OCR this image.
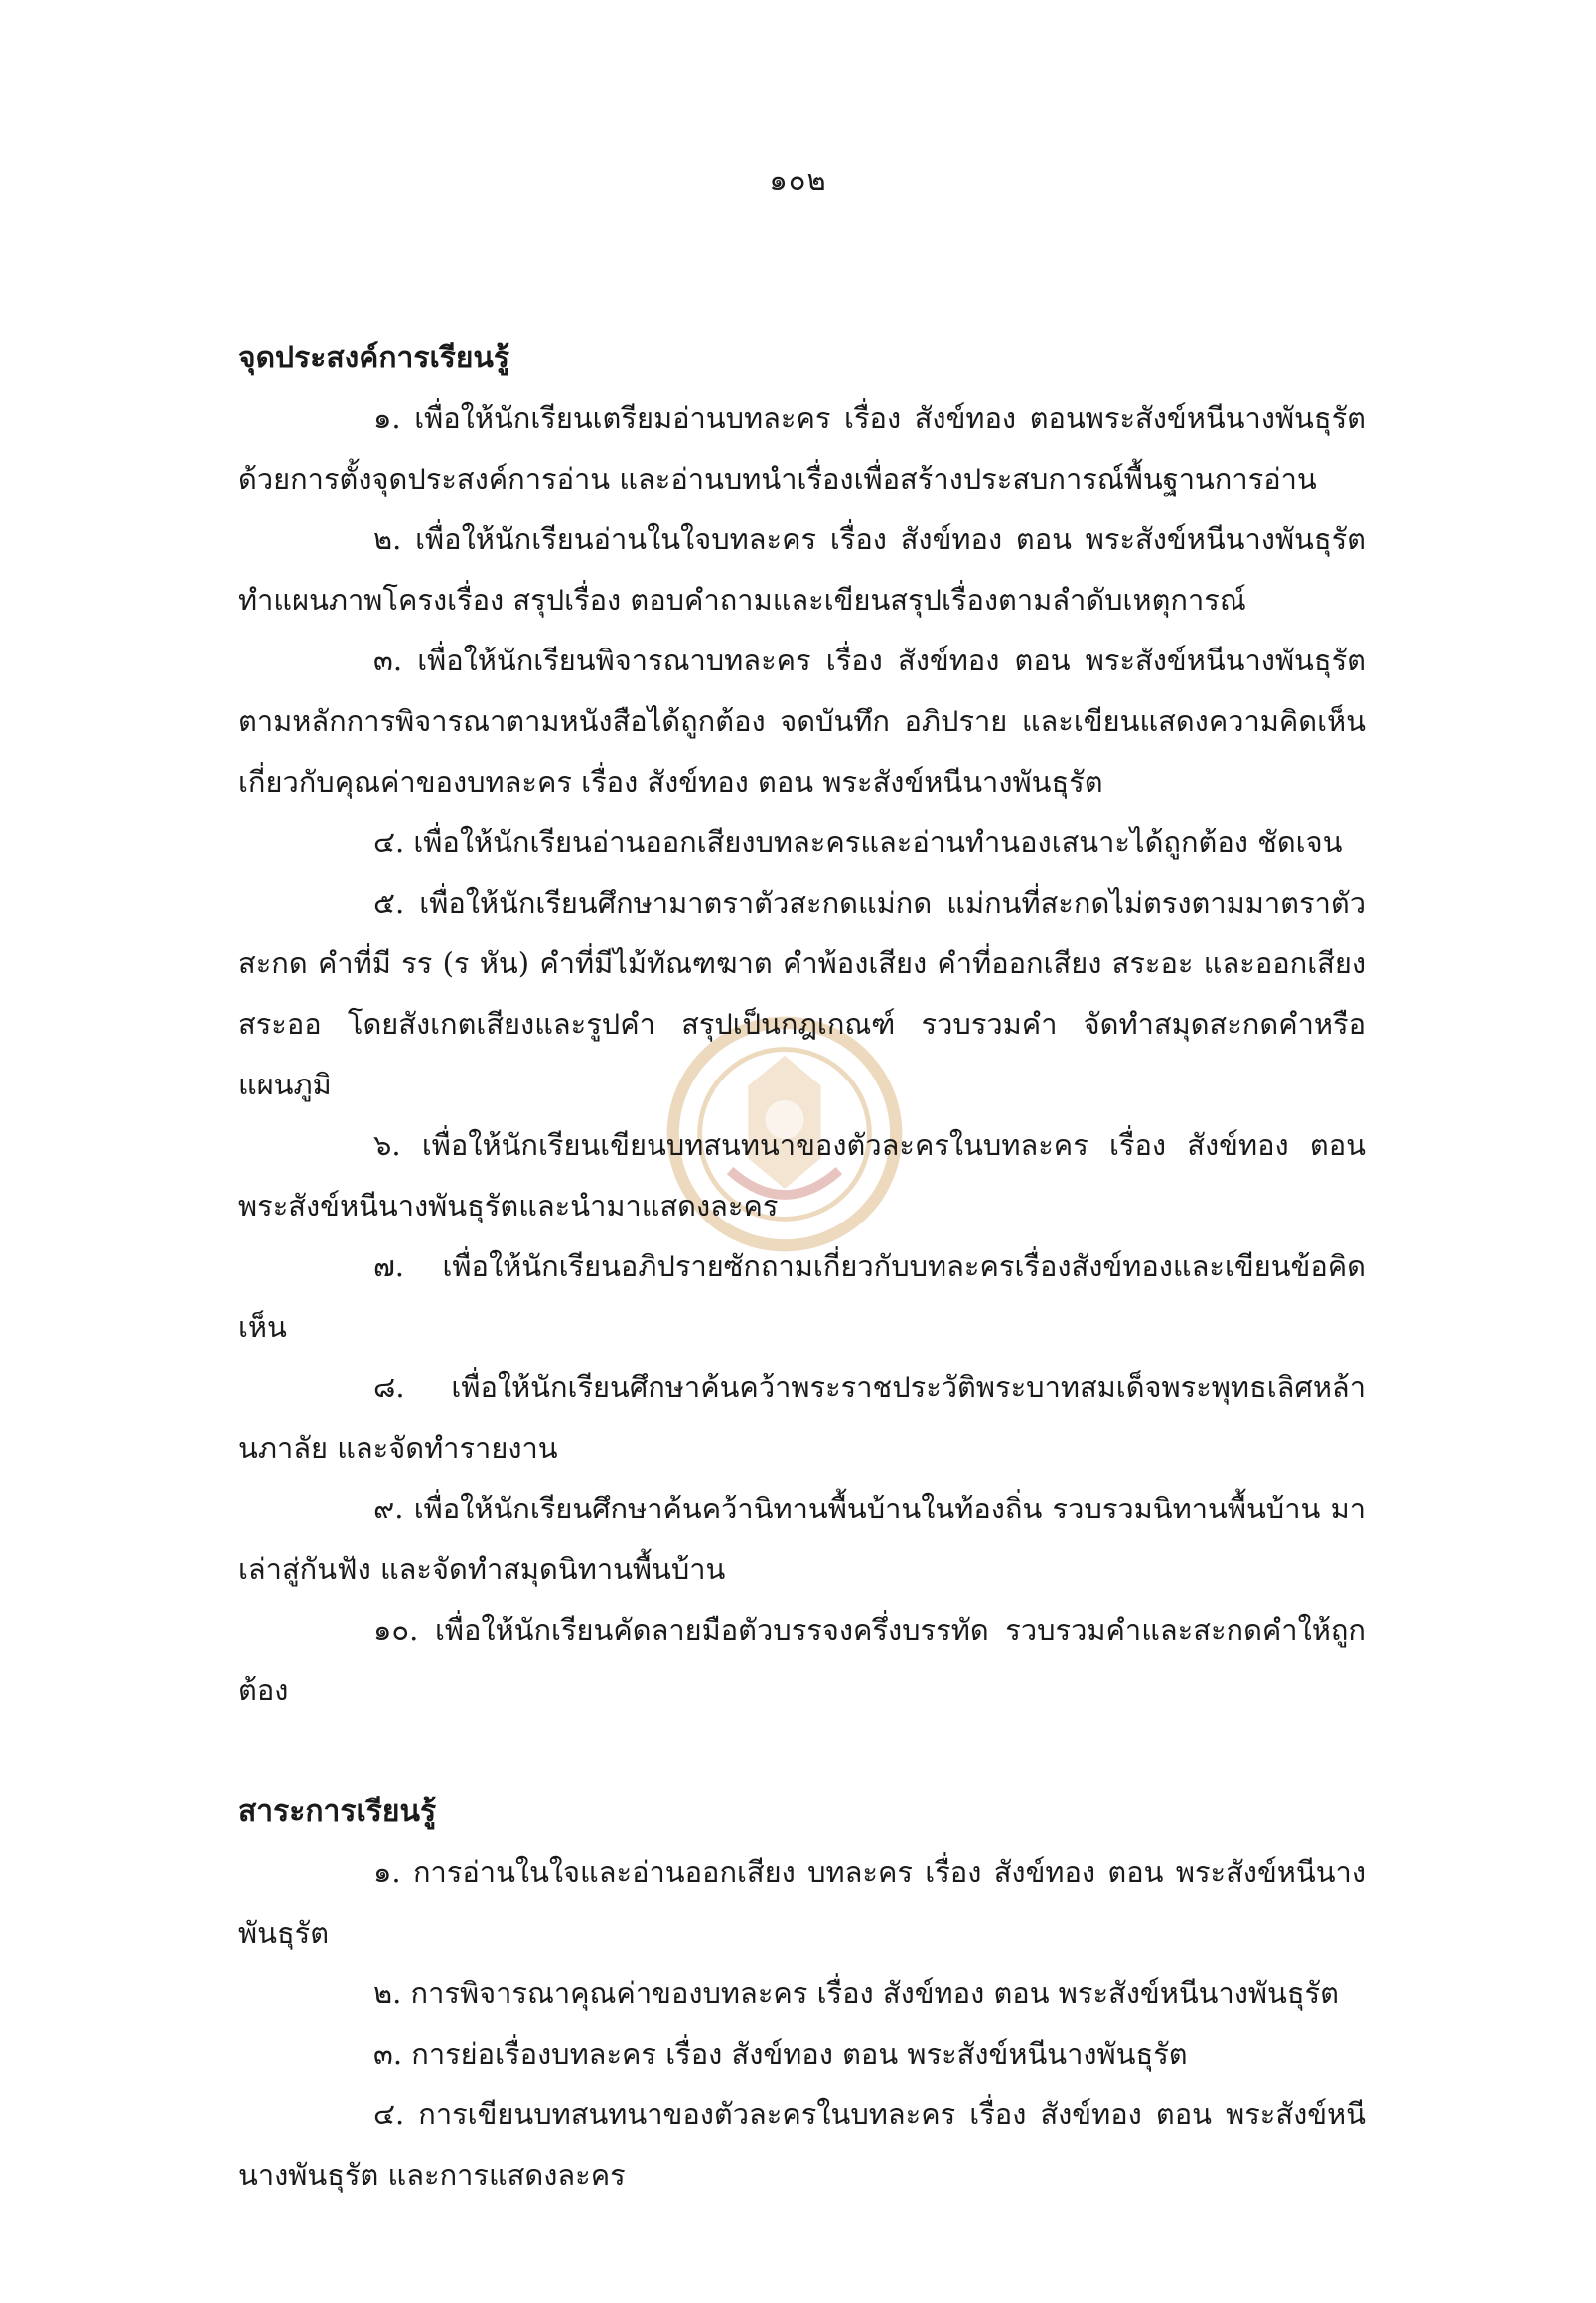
๑๐๒

จุดประสงค์การเรียนรู้

๑. เพื่อให้นักเรียนเตรียมอ่านบทละคร เรื่อง สังข์ทอง ตอนพระสังข์หนีนางพันธุรัต ด้วยการตั้งจุดประสงค์การอ่าน และอ่านบทนำเรื่องเพื่อสร้างประสบการณ์พื้นฐานการอ่าน

๒. เพื่อให้นักเรียนอ่านในใจบทละคร เรื่อง สังข์ทอง ตอน พระสังข์หนีนางพันธุรัต ทำแผนภาพโครงเรื่อง สรุปเรื่อง ตอบคำถามและเขียนสรุปเรื่องตามลำดับเหตุการณ์

๓. เพื่อให้นักเรียนพิจารณาบทละคร เรื่อง สังข์ทอง ตอน พระสังข์หนีนางพันธุรัต ตามหลักการพิจารณาตามหนังสือได้ถูกต้อง จดบันทึก อภิปราย และเขียนแสดงความคิดเห็นเกี่ยวกับคุณค่าของบทละคร เรื่อง สังข์ทอง ตอน พระสังข์หนีนางพันธุรัต

๔. เพื่อให้นักเรียนอ่านออกเสียงบทละครและอ่านทำนองเสนาะได้ถูกต้อง ชัดเจน

๕. เพื่อให้นักเรียนศึกษามาตราตัวสะกดแม่กด แม่กนที่สะกดไม่ตรงตามมาตราตัวสะกด คำที่มี รร (ร หัน) คำที่มีไม้ทัณฑฆาต คำพ้องเสียง คำที่ออกเสียง สระอะ และออกเสียง สระออ โดยสังเกตเสียงและรูปคำ สรุปเป็นกฎเกณฑ์ รวบรวมคำ จัดทำสมุดสะกดคำหรือแผนภูมิ

๖. เพื่อให้นักเรียนเขียนบทสนทนาของตัวละครในบทละคร เรื่อง สังข์ทอง ตอน พระสังข์หนีนางพันธุรัตและนำมาแสดงละคร

๗. เพื่อให้นักเรียนอภิปรายซักถามเกี่ยวกับบทละครเรื่องสังข์ทองและเขียนข้อคิดเห็น

๘. เพื่อให้นักเรียนศึกษาค้นคว้าพระราชประวัติพระบาทสมเด็จพระพุทธเลิศหล้านภาลัย และจัดทำรายงาน

๙. เพื่อให้นักเรียนศึกษาค้นคว้านิทานพื้นบ้านในท้องถิ่น รวบรวมนิทานพื้นบ้าน มาเล่าสู่กันฟัง และจัดทำสมุดนิทานพื้นบ้าน

๑๐. เพื่อให้นักเรียนคัดลายมือตัวบรรจงครึ่งบรรทัด รวบรวมคำและสะกดคำให้ถูกต้อง

สาระการเรียนรู้

๑. การอ่านในใจและอ่านออกเสียง บทละคร เรื่อง สังข์ทอง ตอน พระสังข์หนีนางพันธุรัต

๒. การพิจารณาคุณค่าของบทละคร เรื่อง สังข์ทอง ตอน พระสังข์หนีนางพันธุรัต

๓. การย่อเรื่องบทละคร เรื่อง สังข์ทอง ตอน พระสังข์หนีนางพันธุรัต

๔. การเขียนบทสนทนาของตัวละครในบทละคร เรื่อง สังข์ทอง ตอน พระสังข์หนีนางพันธุรัต และการแสดงละคร
